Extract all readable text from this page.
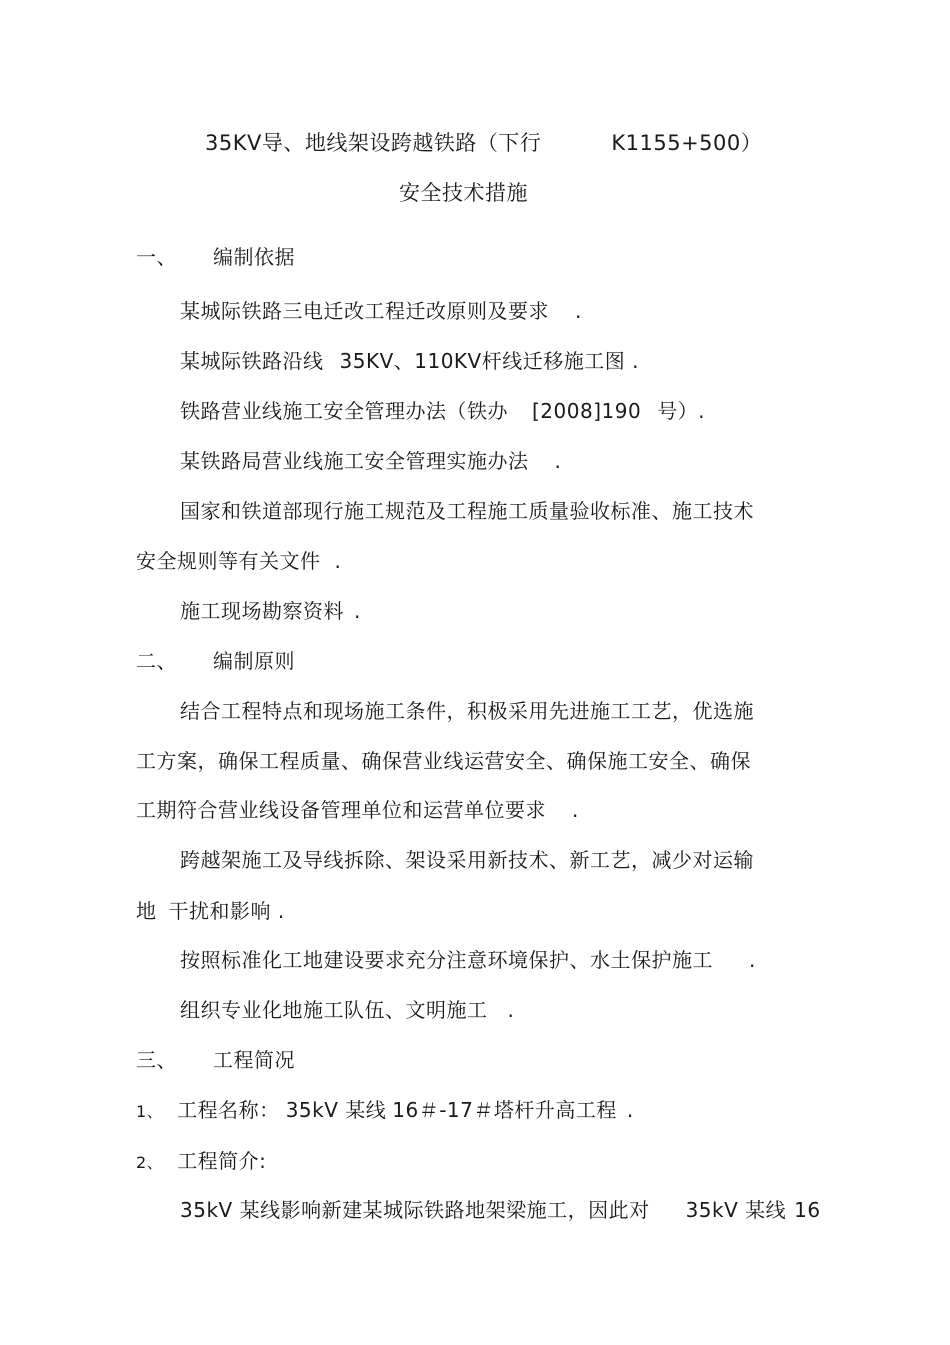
35KV导、地线架设跨越铁路（下行	K1155+500）
安全技术措施
一、 编制依据
某城际铁路三电迁改工程迁改原则及要求 .
某城际铁路沿线 35KV、110KV杆线迁移施工图 .
铁路营业线施工安全管理办法（铁办 [2008]190 号）.
某铁路局营业线施工安全管理实施办法 .
国家和铁道部现行施工规范及工程施工质量验收标准、施工技术
安全规则等有关文件 .
施工现场勘察资料 .
二、 编制原则
结合工程特点和现场施工条件，积极采用先进施工工艺，优选施
工方案，确保工程质量、确保营业线运营安全、确保施工安全、确保
工期符合营业线设备管理单位和运营单位要求 .
跨越架施工及导线拆除、架设采用新技术、新工艺，减少对运输
地 干扰和影响 .
按照标准化工地建设要求充分注意环境保护、水土保护施工 .
组织专业化地施工队伍、文明施工 .
三、 工程简况
1、 工程名称： 35kV 某线 16＃-17＃塔杆升高工程 .
2、 工程简介:
35kV 某线影响新建某城际铁路地架梁施工，因此对 35kV 某线 16
